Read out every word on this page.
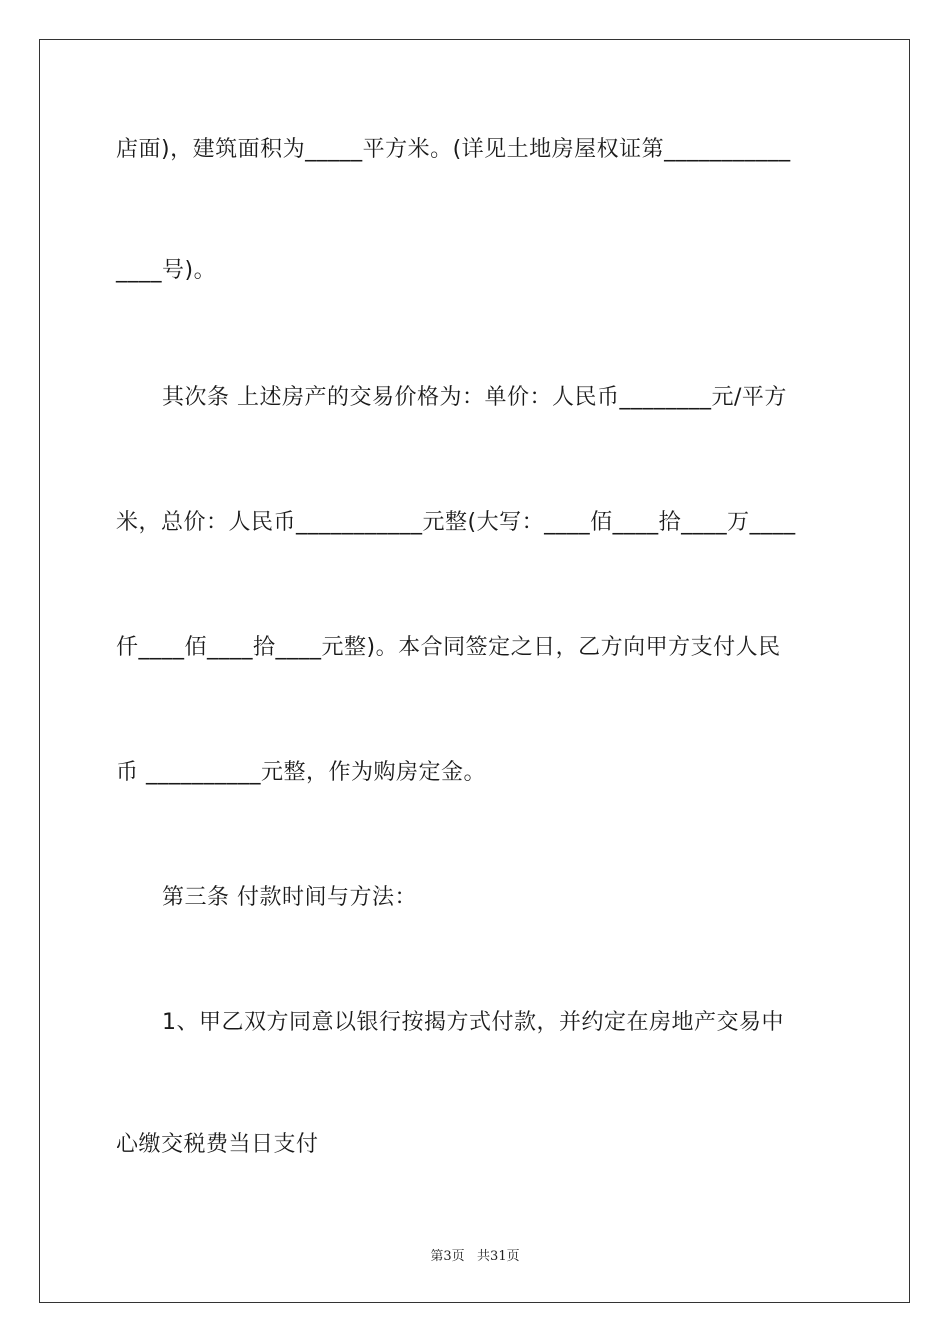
店面)，建筑面积为_____平方米。(详见土地房屋权证第___________
____号)。
其次条 上述房产的交易价格为：单价：人民币________元/平方
米，总价：人民币___________元整(大写：____佰____拾____万____
仟____佰____拾____元整)。本合同签定之日，乙方向甲方支付人民
币 __________元整，作为购房定金。
第三条 付款时间与方法：
1、甲乙双方同意以银行按揭方式付款，并约定在房地产交易中
心缴交税费当日支付
第3页   共31页
